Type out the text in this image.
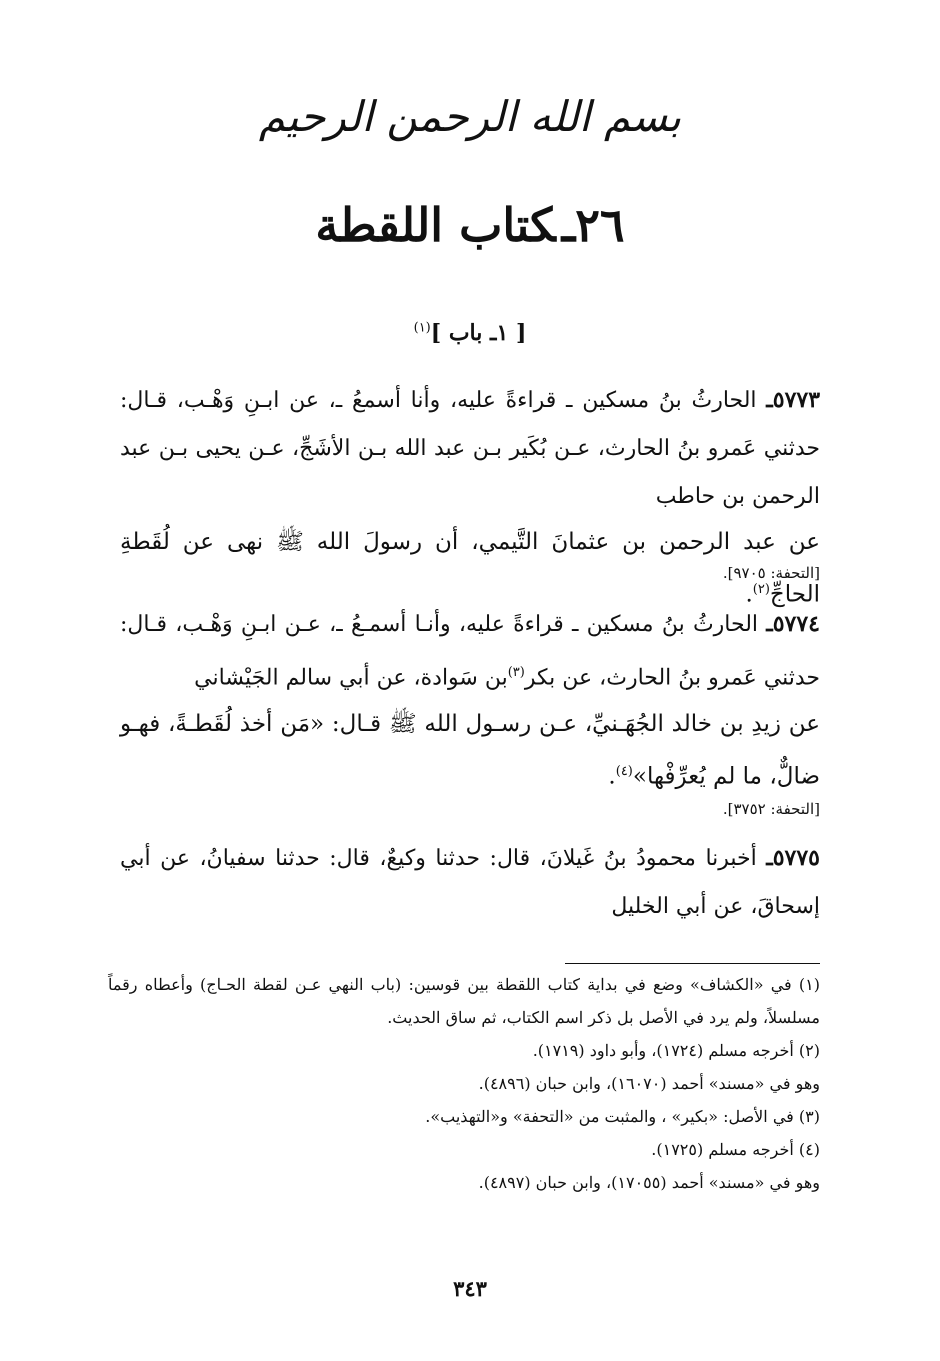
بسم الله الرحمن الرحيم
٢٦ـكتاب اللقطة
[ ١ـ باب ]$^{(١)}$
٥٧٧٣ـ الحارثُ بنُ مسكين ـ قراءةً عليه، وأنا أسمعُ ـ، عن ابـنِ وَهْـب، قـال: حدثني عَمرو بنُ الحارث، عـن بُكَير بـن عبد الله بـن الأشَجِّ، عـن يحيى بـن عبد الرحمن بن حاطب
عن عبد الرحمن بن عثمانَ التَّيمي، أن رسولَ الله ﷺ نهى عن لُقَطةِ الحاجِّ$^{(٢)}$.
[التحفة: ٩٧٠٥].
٥٧٧٤ـ الحارثُ بنُ مسكين ـ قراءةً عليه، وأنـا أسمـعُ ـ، عـن ابـنِ وَهْـب، قـال: حدثني عَمرو بنُ الحارث، عن بكر$^{(٣)}$بن سَوادة، عن أبي سالم الجَيْشاني
عن زيدِ بن خالد الجُهَـنيِّ، عـن رسـول الله ﷺ قـال: «مَن أخذ لُقَطـةً، فهـو ضالٌّ، ما لم يُعرِّفْها»$^{(٤)}$.
[التحفة: ٣٧٥٢].
٥٧٧٥ـ أخبرنا محمودُ بنُ غَيلانَ، قال: حدثنا وكيعٌ، قال: حدثنا سفيانُ، عن أبي إسحاقَ، عن أبي الخليل
(١) في «الكشاف» وضع في بداية كتاب اللقطة بين قوسين: (باب النهي عـن لقطة الحـاج) وأعطاه رقماً مسلسلاً، ولم يرد في الأصل بل ذكر اسم الكتاب، ثم ساق الحديث.
(٢) أخرجه مسلم (١٧٢٤)، وأبو داود (١٧١٩).
وهو في «مسند» أحمد (١٦٠٧٠)، وابن حبان (٤٨٩٦).
(٣) في الأصل: «بكير» ، والمثبت من «التحفة» و«التهذيب».
(٤) أخرجه مسلم (١٧٢٥).
وهو في «مسند» أحمد (١٧٠٥٥)، وابن حبان (٤٨٩٧).
٣٤٣
